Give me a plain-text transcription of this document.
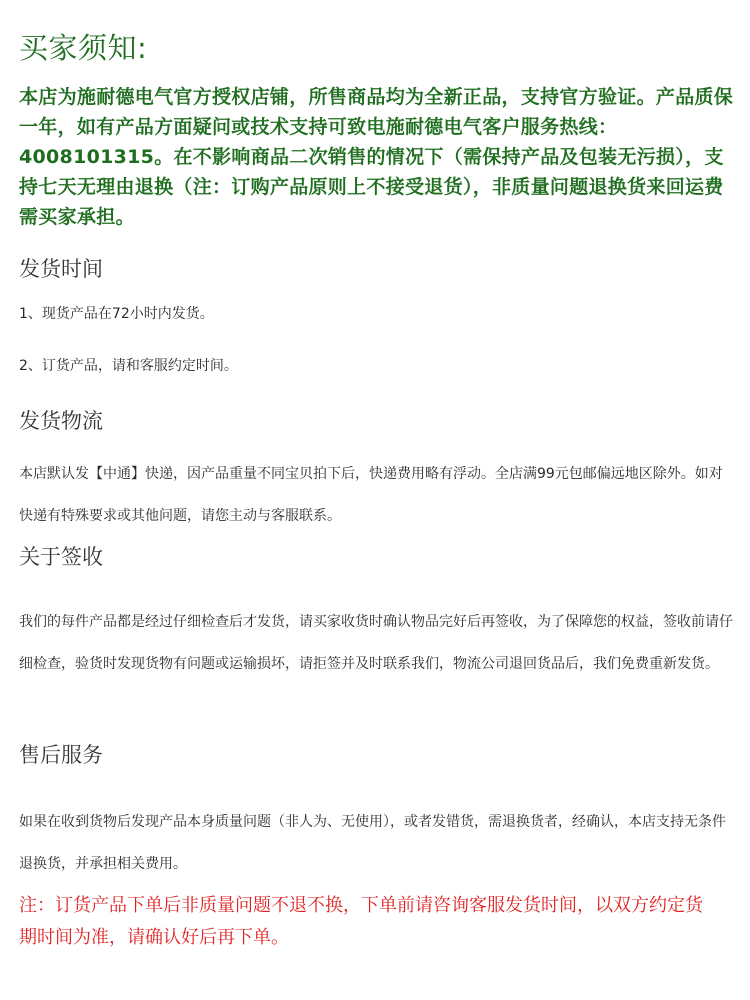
买家须知:

本店为施耐德电气官方授权店铺，所售商品均为全新正品，支持官方验证。产品质保一年，如有产品方面疑问或技术支持可致电施耐德电气客户服务热线：4008101315。在不影响商品二次销售的情况下（需保持产品及包装无污损），支持七天无理由退换（注：订购产品原则上不接受退货），非质量问题退换货来回运费需买家承担。

发货时间

1、现货产品在72小时内发货。

2、订货产品，请和客服约定时间。

发货物流

本店默认发【中通】快递，因产品重量不同宝贝拍下后，快递费用略有浮动。全店满99元包邮偏远地区除外。如对快递有特殊要求或其他问题，请您主动与客服联系。

关于签收

我们的每件产品都是经过仔细检查后才发货，请买家收货时确认物品完好后再签收，为了保障您的权益，签收前请仔细检查，验货时发现货物有问题或运输损坏，请拒签并及时联系我们，物流公司退回货品后，我们免费重新发货。

售后服务

如果在收到货物后发现产品本身质量问题（非人为、无使用），或者发错货，需退换货者，经确认，本店支持无条件退换货，并承担相关费用。

注：订货产品下单后非质量问题不退不换，下单前请咨询客服发货时间，以双方约定货期时间为准，请确认好后再下单。
